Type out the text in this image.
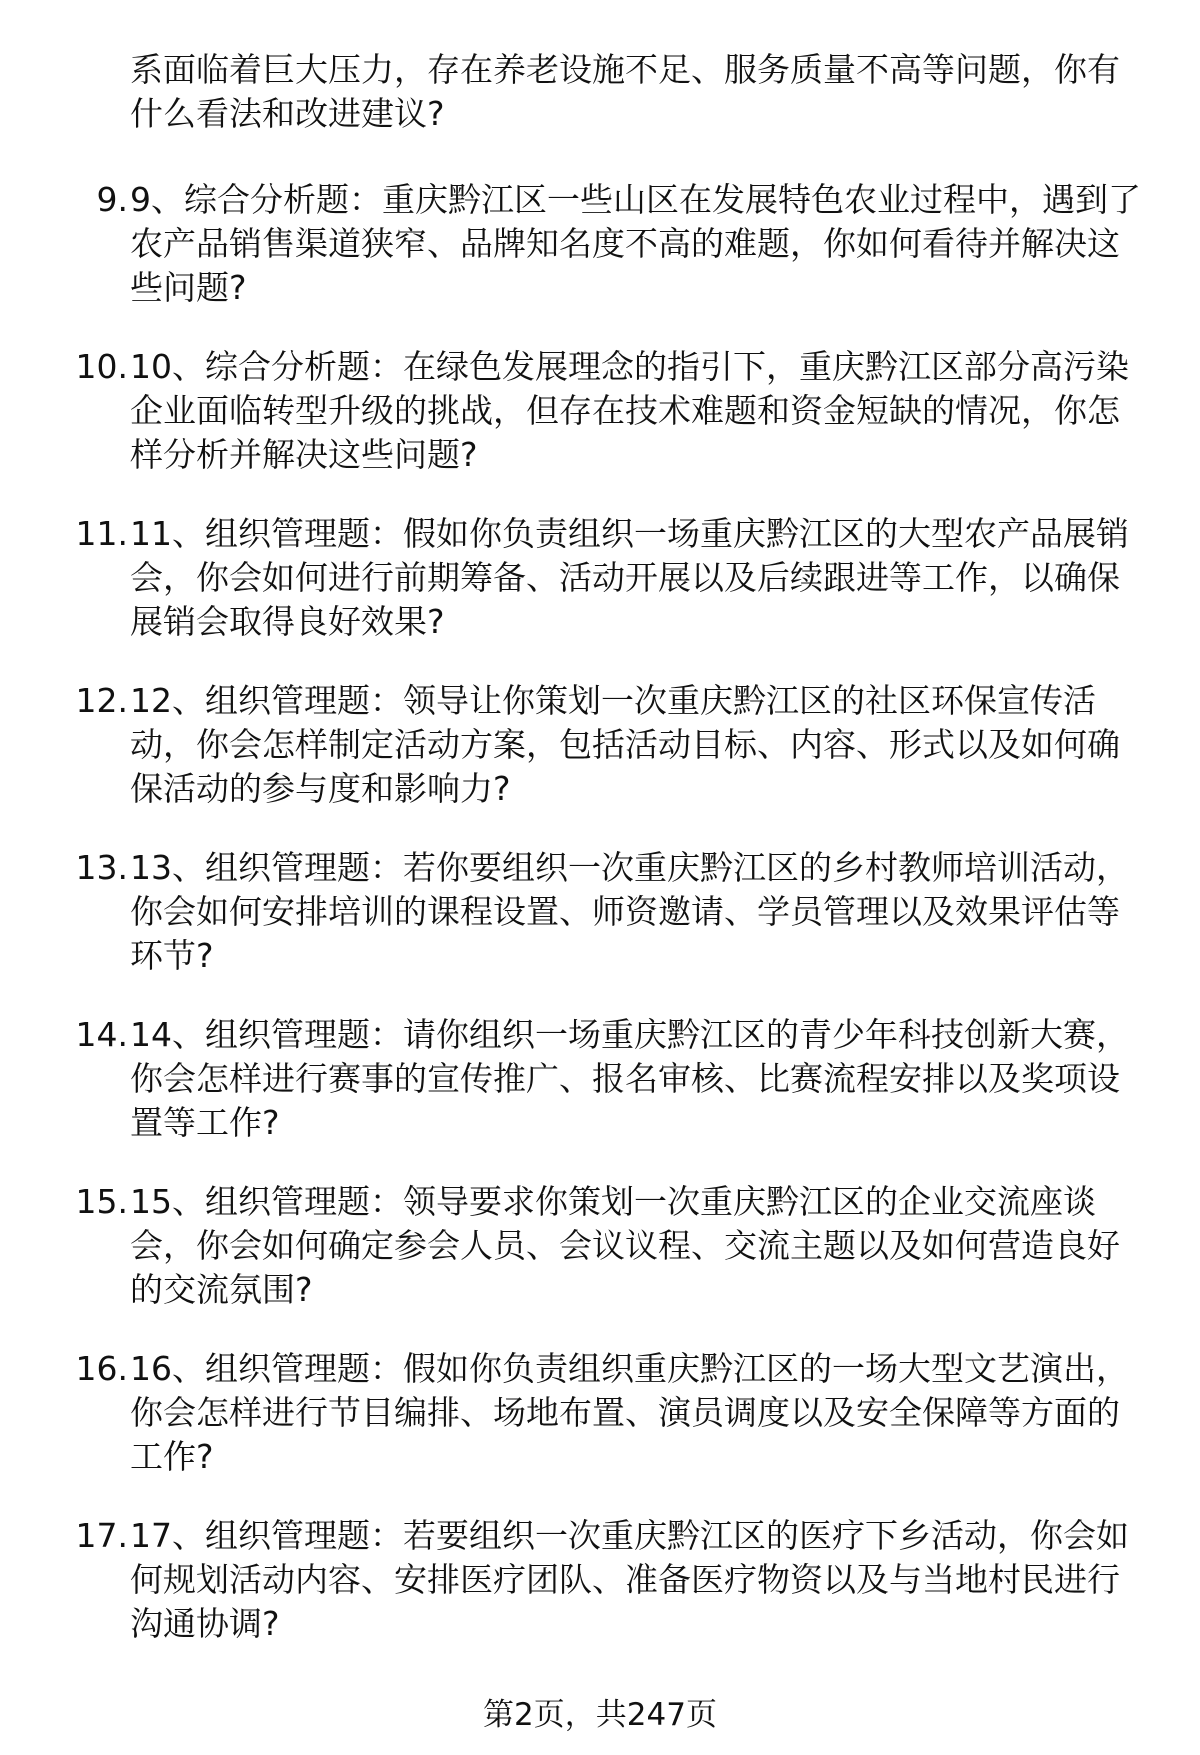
系面临着巨大压力，存在养老设施不足、服务质量不高等问题，你有什么看法和改进建议?

9. 9、综合分析题：重庆黔江区一些山区在发展特色农业过程中，遇到了农产品销售渠道狭窄、品牌知名度不高的难题，你如何看待并解决这些问题?
10. 10、综合分析题：在绿色发展理念的指引下，重庆黔江区部分高污染企业面临转型升级的挑战，但存在技术难题和资金短缺的情况，你怎样分析并解决这些问题?
11. 11、组织管理题：假如你负责组织一场重庆黔江区的大型农产品展销会，你会如何进行前期筹备、活动开展以及后续跟进等工作，以确保展销会取得良好效果?
12. 12、组织管理题：领导让你策划一次重庆黔江区的社区环保宣传活动，你会怎样制定活动方案，包括活动目标、内容、形式以及如何确保活动的参与度和影响力?
13. 13、组织管理题：若你要组织一次重庆黔江区的乡村教师培训活动，你会如何安排培训的课程设置、师资邀请、学员管理以及效果评估等环节?
14. 14、组织管理题：请你组织一场重庆黔江区的青少年科技创新大赛，你会怎样进行赛事的宣传推广、报名审核、比赛流程安排以及奖项设置等工作?
15. 15、组织管理题：领导要求你策划一次重庆黔江区的企业交流座谈会，你会如何确定参会人员、会议议程、交流主题以及如何营造良好的交流氛围?
16. 16、组织管理题：假如你负责组织重庆黔江区的一场大型文艺演出，你会怎样进行节目编排、场地布置、演员调度以及安全保障等方面的工作?
17. 17、组织管理题：若要组织一次重庆黔江区的医疗下乡活动，你会如何规划活动内容、安排医疗团队、准备医疗物资以及与当地村民进行沟通协调?
第2页，共247页
